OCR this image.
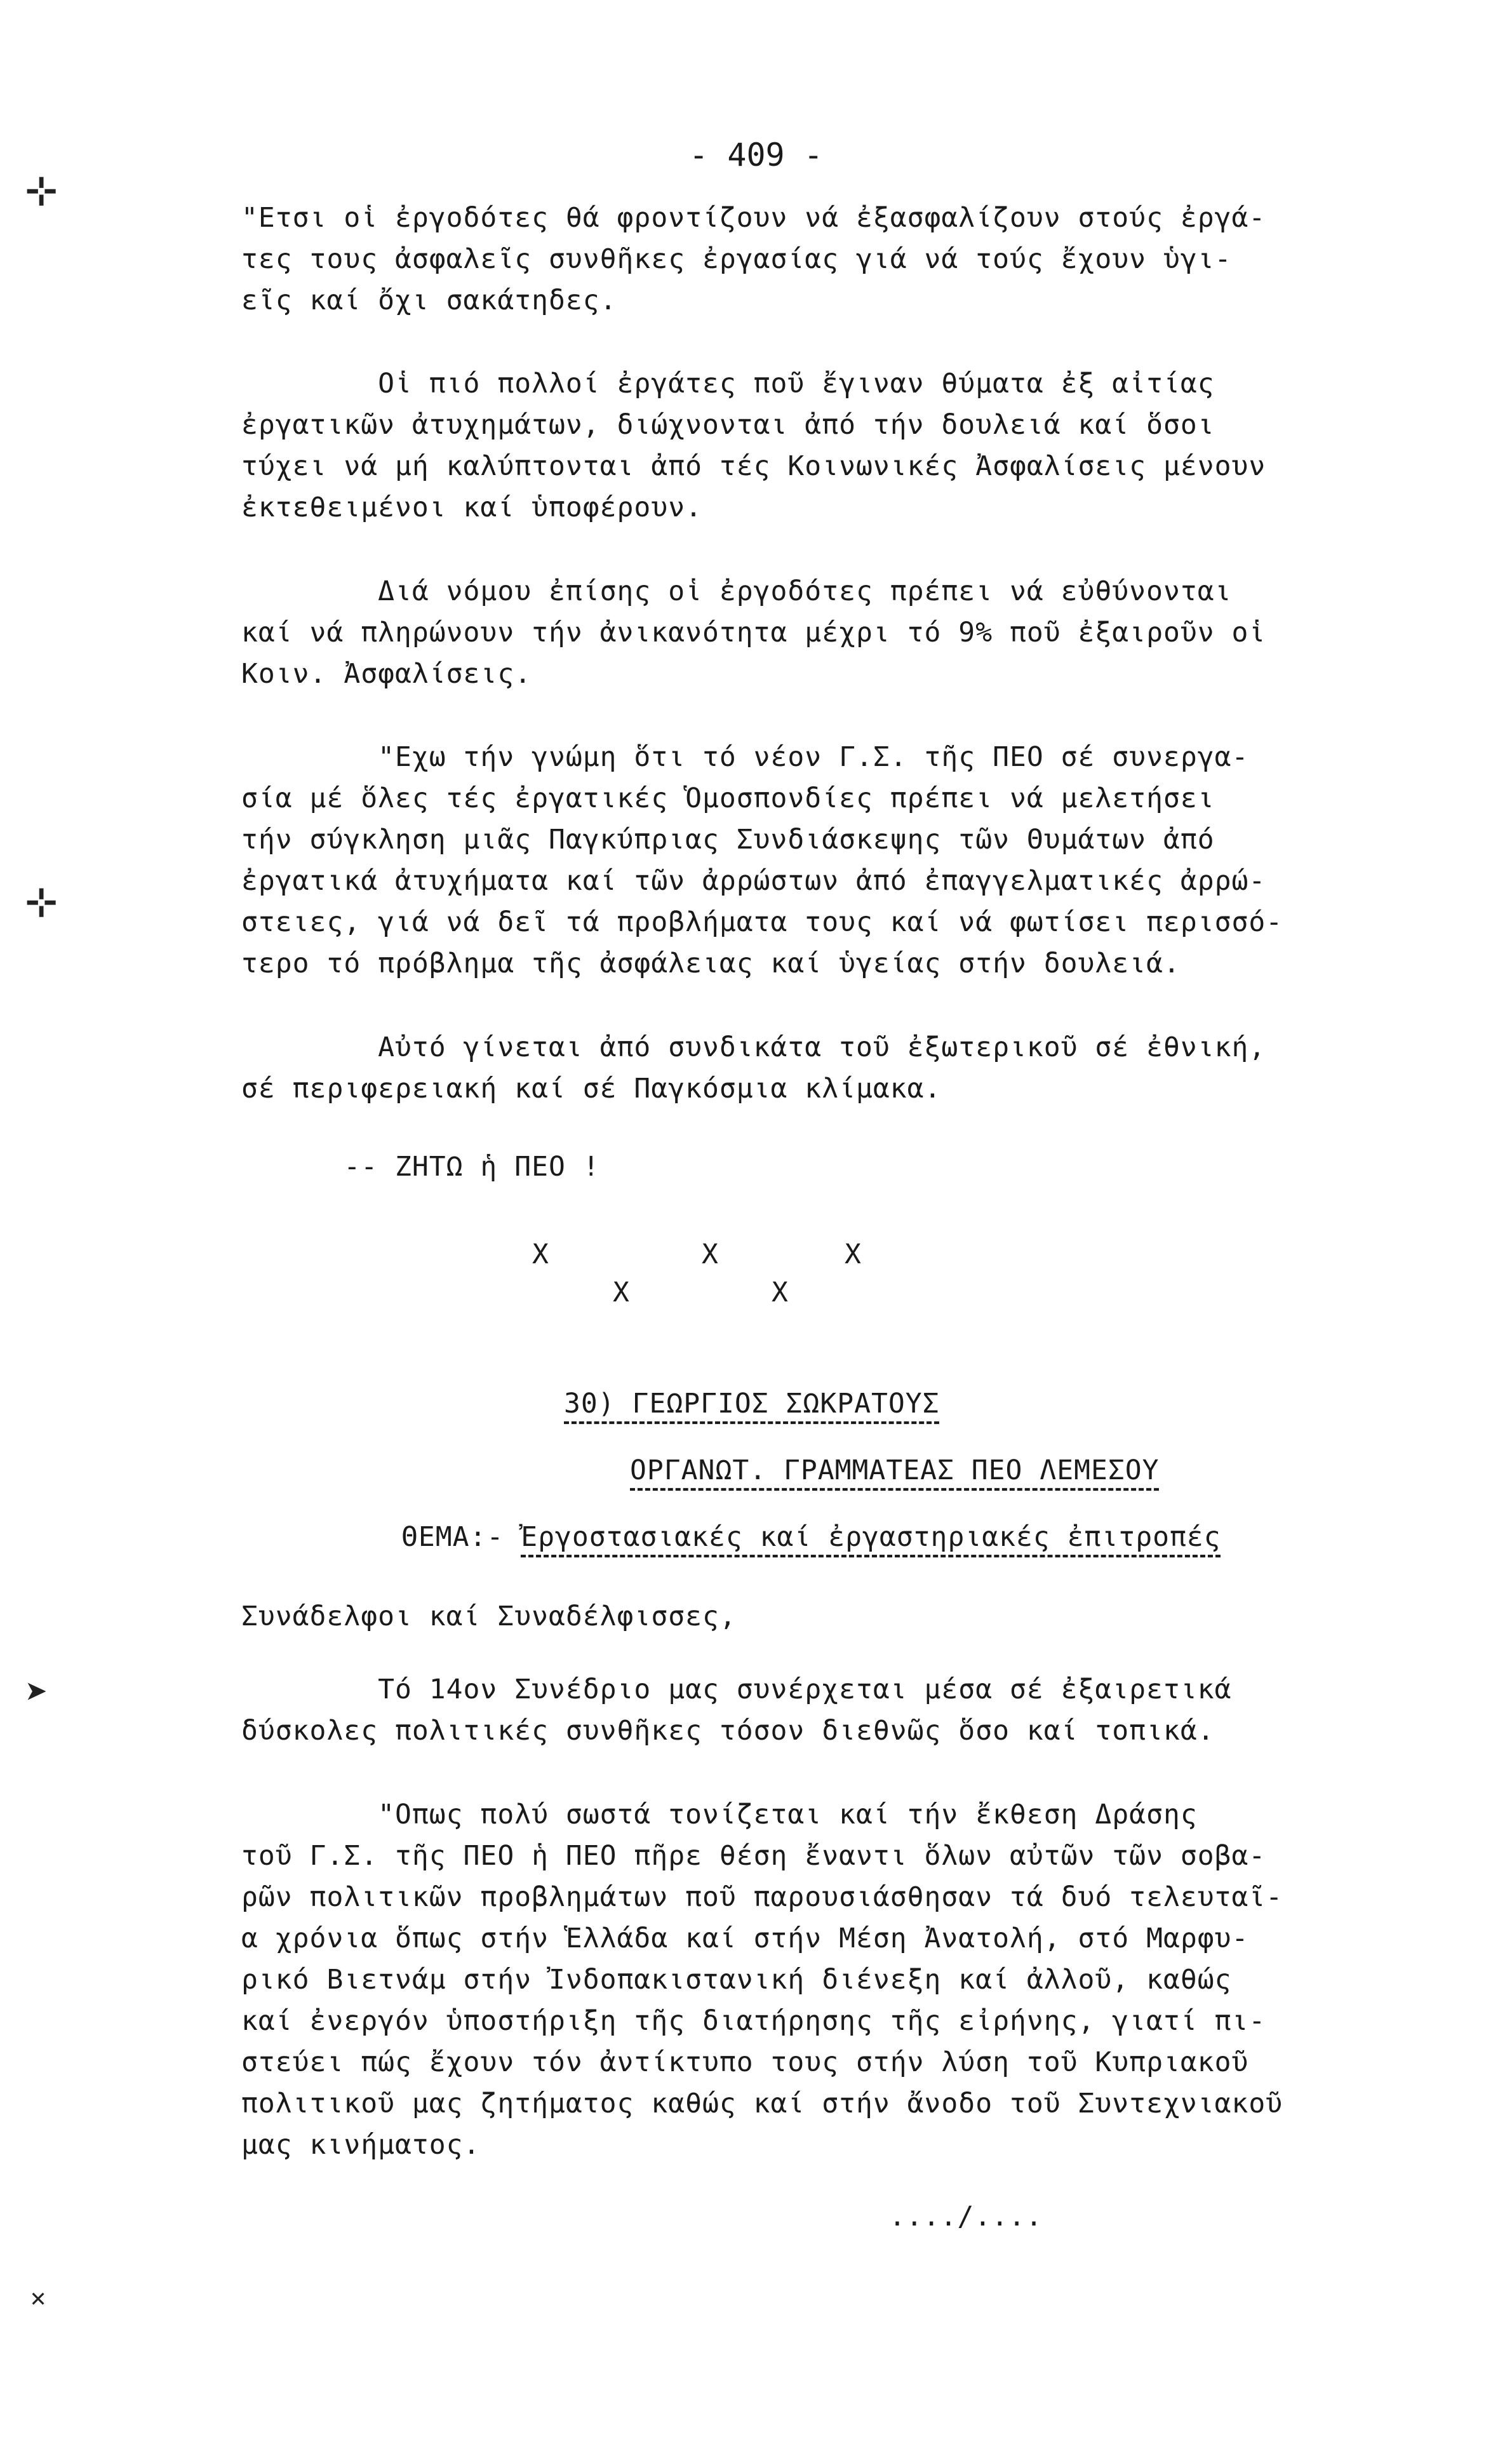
- 409 -
⊹
⊹
➤
✕
"Ετσι οἱ ἐργοδότες θά φροντίζουν νά ἐξασφαλίζουν στούς ἐργά-
τες τους ἀσφαλεῖς συνθῆκες ἐργασίας γιά νά τούς ἔχουν ὑγι-
εῖς καί ὄχι σακάτηδες.
Οἱ πιό πολλοί ἐργάτες ποῦ ἔγιναν θύματα ἐξ αἰτίας
ἐργατικῶν ἀτυχημάτων, διώχνονται ἀπό τήν δουλειά καί ὅσοι
τύχει νά μή καλύπτονται ἀπό τές Κοινωνικές Ἀσφαλίσεις μένουν
ἐκτεθειμένοι καί ὑποφέρουν.
Διά νόμου ἐπίσης οἱ ἐργοδότες πρέπει νά εὐθύνονται
καί νά πληρώνουν τήν ἀνικανότητα μέχρι τό 9% ποῦ ἐξαιροῦν οἱ
Κοιν. Ἀσφαλίσεις.
"Εχω τήν γνώμη ὅτι τό νέον Γ.Σ. τῆς ΠΕΟ σέ συνεργα-
σία μέ ὅλες τές ἐργατικές Ὁμοσπονδίες πρέπει νά μελετήσει
τήν σύγκληση μιᾶς Παγκύπριας Συνδιάσκεψης τῶν Θυμάτων ἀπό
ἐργατικά ἀτυχήματα καί τῶν ἀρρώστων ἀπό ἐπαγγελματικές ἀρρώ-
στειες, γιά νά δεῖ τά προβλήματα τους καί νά φωτίσει περισσό-
τερο τό πρόβλημα τῆς ἀσφάλειας καί ὑγείας στήν δουλειά.
Αὐτό γίνεται ἀπό συνδικάτα τοῦ ἐξωτερικοῦ σέ ἐθνική,
σέ περιφερειακή καί σέ Παγκόσμια κλίμακα.
-- ΖΗΤΩ ἡ ΠΕΟ !
X	X	X
X	X
30) ΓΕΩΡΓΙΟΣ ΣΩΚΡΑΤΟΥΣ
ΟΡΓΑΝΩΤ. ΓΡΑΜΜΑΤΕΑΣ ΠΕΟ ΛΕΜΕΣΟΥ
ΘΕΜΑ:- Ἐργοστασιακές καί ἐργαστηριακές ἐπιτροπές
Συνάδελφοι καί Συναδέλφισσες,
Τό 14ον Συνέδριο μας συνέρχεται μέσα σέ ἐξαιρετικά
δύσκολες πολιτικές συνθῆκες τόσον διεθνῶς ὅσο καί τοπικά.
"Οπως πολύ σωστά τονίζεται καί τήν ἔκθεση Δράσης
τοῦ Γ.Σ. τῆς ΠΕΟ ἡ ΠΕΟ πῆρε θέση ἔναντι ὅλων αὐτῶν τῶν σοβα-
ρῶν πολιτικῶν προβλημάτων ποῦ παρουσιάσθησαν τά δυό τελευταῖ-
α χρόνια ὅπως στήν Ἑλλάδα καί στήν Μέση Ἀνατολή, στό Μαρφυ-
ρικό Βιετνάμ στήν Ἰνδοπακιστανική διένεξη καί ἀλλοῦ, καθώς
καί ἐνεργόν ὑποστήριξη τῆς διατήρησης τῆς εἰρήνης, γιατί πι-
στεύει πώς ἔχουν τόν ἀντίκτυπο τους στήν λύση τοῦ Κυπριακοῦ
πολιτικοῦ μας ζητήματος καθώς καί στήν ἄνοδο τοῦ Συντεχνιακοῦ
μας κινήματος.
..../....
